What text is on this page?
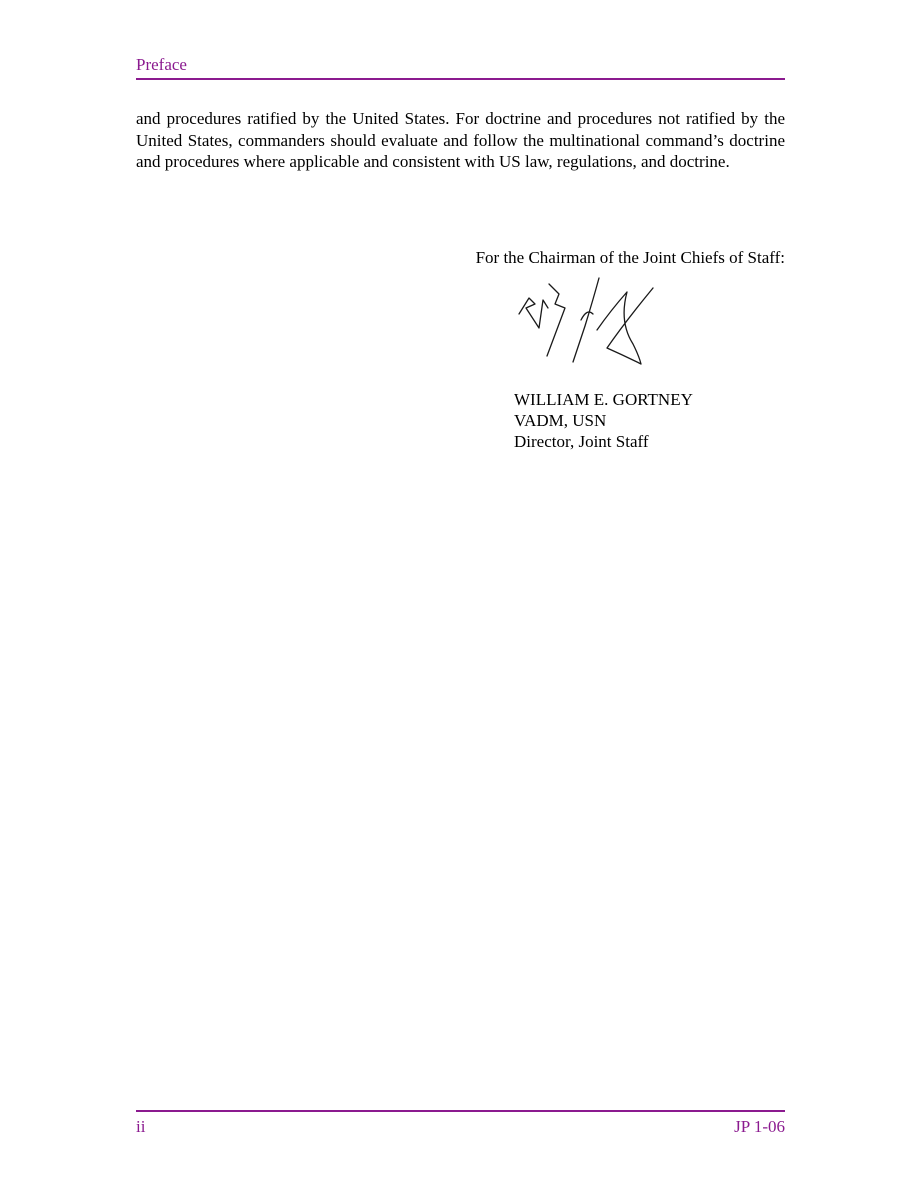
Preface

and procedures ratified by the United States. For doctrine and procedures not ratified by the United States, commanders should evaluate and follow the multinational command’s doctrine and procedures where applicable and consistent with US law, regulations, and doctrine.

For the Chairman of the Joint Chiefs of Staff:
WILLIAM E. GORTNEY
VADM, USN
Director, Joint Staff
ii	JP 1-06
